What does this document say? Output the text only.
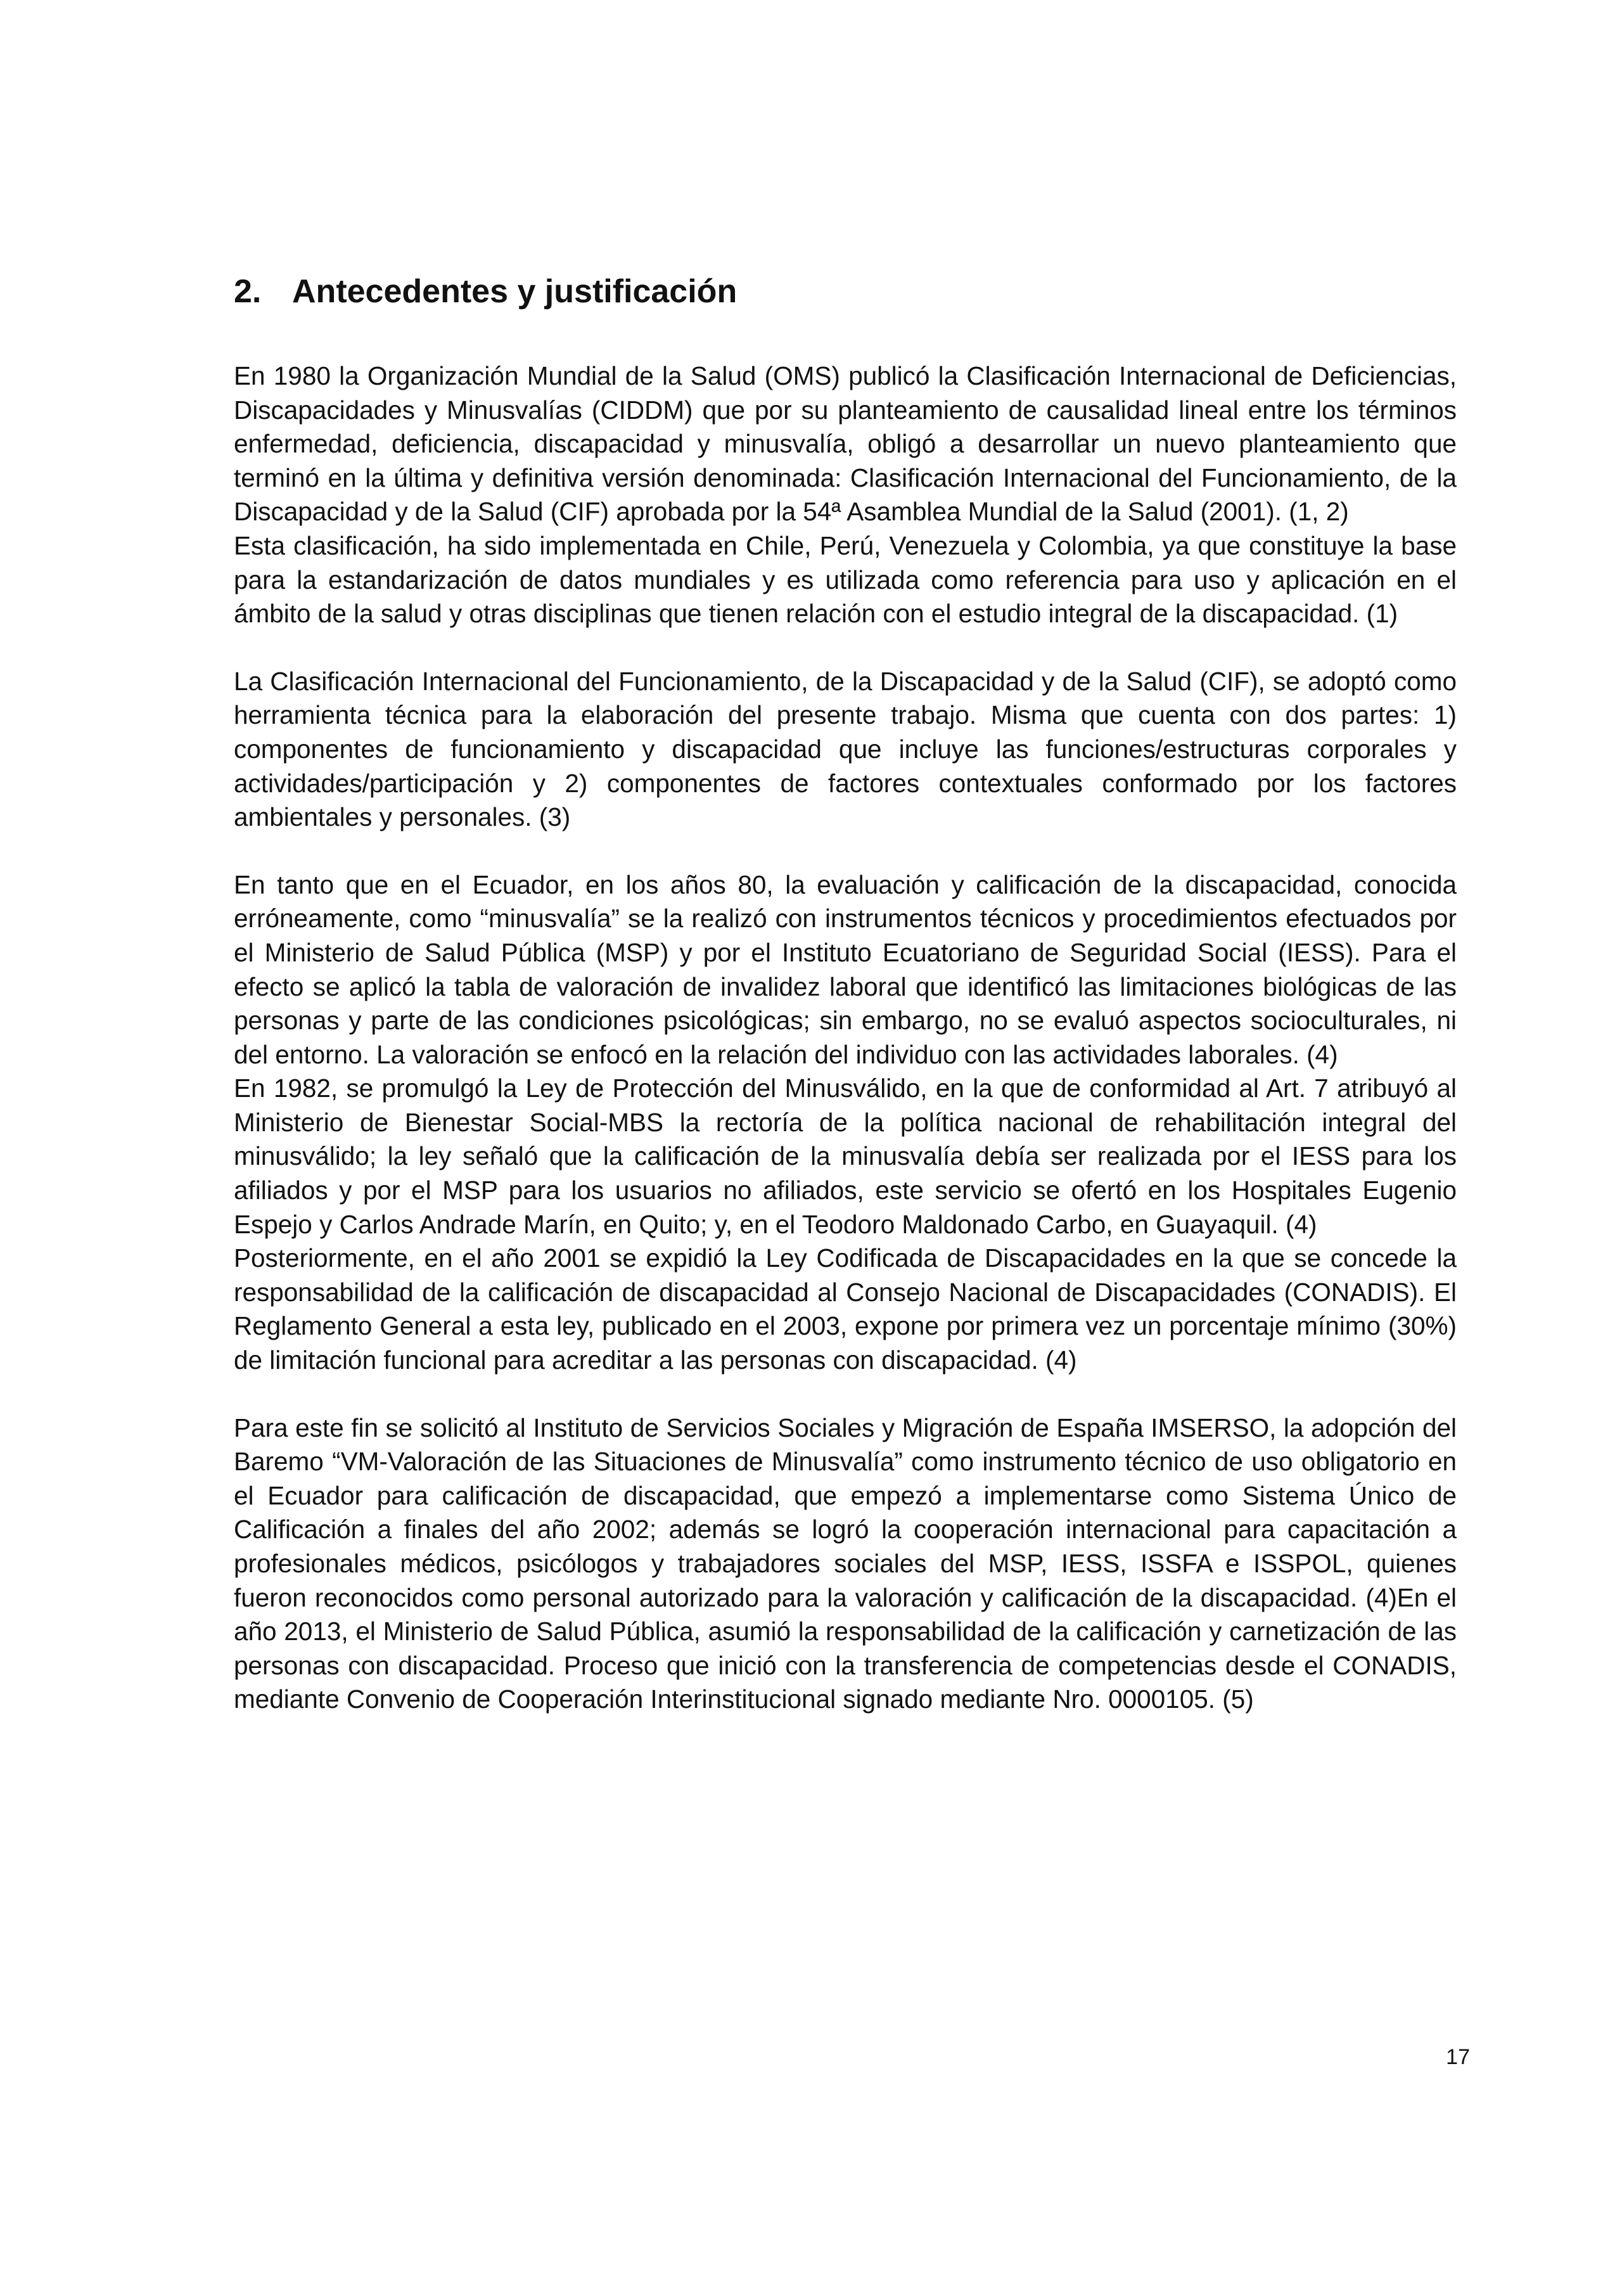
2. Antecedentes y justificación

En 1980 la Organización Mundial de la Salud (OMS) publicó la Clasificación Internacional de Deficiencias, Discapacidades y Minusvalías (CIDDM) que por su planteamiento de causalidad lineal entre los términos enfermedad, deficiencia, discapacidad y minusvalía, obligó a desarrollar un nuevo planteamiento que terminó en la última y definitiva versión denominada: Clasificación Internacional del Funcionamiento, de la Discapacidad y de la Salud (CIF) aprobada por la 54ª Asamblea Mundial de la Salud (2001). (1, 2)

Esta clasificación, ha sido implementada en Chile, Perú, Venezuela y Colombia, ya que constituye la base para la estandarización de datos mundiales y es utilizada como referencia para uso y aplicación en el ámbito de la salud y otras disciplinas que tienen relación con el estudio integral de la discapacidad. (1)

La Clasificación Internacional del Funcionamiento, de la Discapacidad y de la Salud (CIF), se adoptó como herramienta técnica para la elaboración del presente trabajo. Misma que cuenta con dos partes: 1) componentes de funcionamiento y discapacidad que incluye las funciones/estructuras corporales y actividades/participación y 2) componentes de factores contextuales conformado por los factores ambientales y personales. (3)

En tanto que en el Ecuador, en los años 80, la evaluación y calificación de la discapacidad, conocida erróneamente, como “minusvalía” se la realizó con instrumentos técnicos y procedimientos efectuados por el Ministerio de Salud Pública (MSP) y por el Instituto Ecuatoriano de Seguridad Social (IESS). Para el efecto se aplicó la tabla de valoración de invalidez laboral que identificó las limitaciones biológicas de las personas y parte de las condiciones psicológicas; sin embargo, no se evaluó aspectos socioculturales, ni del entorno. La valoración se enfocó en la relación del individuo con las actividades laborales. (4)

En 1982, se promulgó la Ley de Protección del Minusválido, en la que de conformidad al Art. 7 atribuyó al Ministerio de Bienestar Social-MBS la rectoría de la política nacional de rehabilitación integral del minusválido; la ley señaló que la calificación de la minusvalía debía ser realizada por el IESS para los afiliados y por el MSP para los usuarios no afiliados, este servicio se ofertó en los Hospitales Eugenio Espejo y Carlos Andrade Marín, en Quito; y, en el Teodoro Maldonado Carbo, en Guayaquil. (4)

Posteriormente, en el año 2001 se expidió la Ley Codificada de Discapacidades en la que se concede la responsabilidad de la calificación de discapacidad al Consejo Nacional de Discapacidades (CONADIS). El Reglamento General a esta ley, publicado en el 2003, expone por primera vez un porcentaje mínimo (30%) de limitación funcional para acreditar a las personas con discapacidad. (4)

Para este fin se solicitó al Instituto de Servicios Sociales y Migración de España IMSERSO, la adopción del Baremo “VM-Valoración de las Situaciones de Minusvalía” como instrumento técnico de uso obligatorio en el Ecuador para calificación de discapacidad, que empezó a implementarse como Sistema Único de Calificación a finales del año 2002; además se logró la cooperación internacional para capacitación a profesionales médicos, psicólogos y trabajadores sociales del MSP, IESS, ISSFA e ISSPOL, quienes fueron reconocidos como personal autorizado para la valoración y calificación de la discapacidad. (4)En el año 2013, el Ministerio de Salud Pública, asumió la responsabilidad de la calificación y carnetización de las personas con discapacidad. Proceso que inició con la transferencia de competencias desde el CONADIS, mediante Convenio de Cooperación Interinstitucional signado mediante Nro. 0000105. (5)

17
